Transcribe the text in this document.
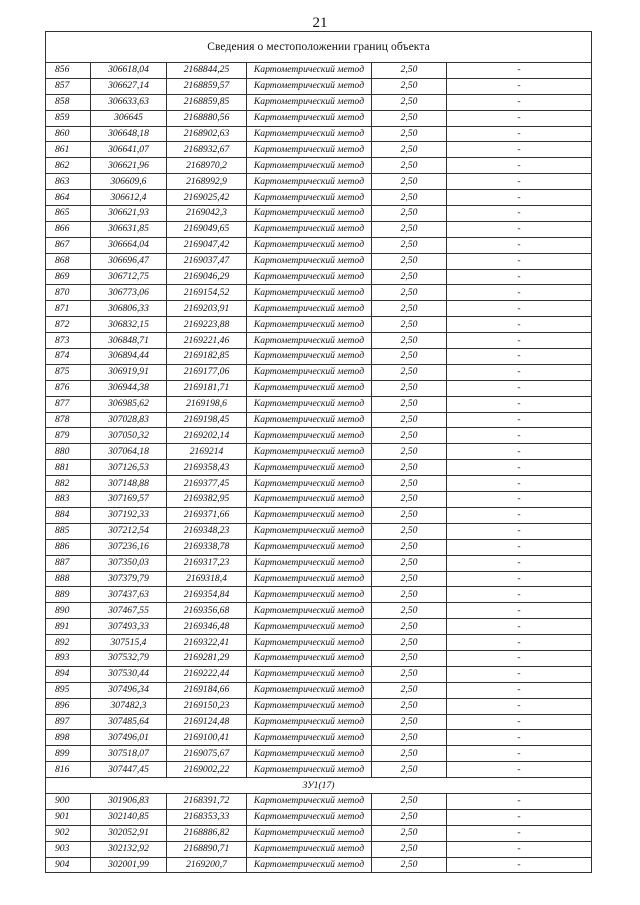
21
Сведения о местоположении границ объекта					
856	306618,04	2168844,25	Картометрический метод	2,50	-
857	306627,14	2168859,57	Картометрический метод	2,50	-
858	306633,63	2168859,85	Картометрический метод	2,50	-
859	306645	2168880,56	Картометрический метод	2,50	-
860	306648,18	2168902,63	Картометрический метод	2,50	-
861	306641,07	2168932,67	Картометрический метод	2,50	-
862	306621,96	2168970,2	Картометрический метод	2,50	-
863	306609,6	2168992,9	Картометрический метод	2,50	-
864	306612,4	2169025,42	Картометрический метод	2,50	-
865	306621,93	2169042,3	Картометрический метод	2,50	-
866	306631,85	2169049,65	Картометрический метод	2,50	-
867	306664,04	2169047,42	Картометрический метод	2,50	-
868	306696,47	2169037,47	Картометрический метод	2,50	-
869	306712,75	2169046,29	Картометрический метод	2,50	-
870	306773,06	2169154,52	Картометрический метод	2,50	-
871	306806,33	2169203,91	Картометрический метод	2,50	-
872	306832,15	2169223,88	Картометрический метод	2,50	-
873	306848,71	2169221,46	Картометрический метод	2,50	-
874	306894,44	2169182,85	Картометрический метод	2,50	-
875	306919,91	2169177,06	Картометрический метод	2,50	-
876	306944,38	2169181,71	Картометрический метод	2,50	-
877	306985,62	2169198,6	Картометрический метод	2,50	-
878	307028,83	2169198,45	Картометрический метод	2,50	-
879	307050,32	2169202,14	Картометрический метод	2,50	-
880	307064,18	2169214	Картометрический метод	2,50	-
881	307126,53	2169358,43	Картометрический метод	2,50	-
882	307148,88	2169377,45	Картометрический метод	2,50	-
883	307169,57	2169382,95	Картометрический метод	2,50	-
884	307192,33	2169371,66	Картометрический метод	2,50	-
885	307212,54	2169348,23	Картометрический метод	2,50	-
886	307236,16	2169338,78	Картометрический метод	2,50	-
887	307350,03	2169317,23	Картометрический метод	2,50	-
888	307379,79	2169318,4	Картометрический метод	2,50	-
889	307437,63	2169354,84	Картометрический метод	2,50	-
890	307467,55	2169356,68	Картометрический метод	2,50	-
891	307493,33	2169346,48	Картометрический метод	2,50	-
892	307515,4	2169322,41	Картометрический метод	2,50	-
893	307532,79	2169281,29	Картометрический метод	2,50	-
894	307530,44	2169222,44	Картометрический метод	2,50	-
895	307496,34	2169184,66	Картометрический метод	2,50	-
896	307482,3	2169150,23	Картометрический метод	2,50	-
897	307485,64	2169124,48	Картометрический метод	2,50	-
898	307496,01	2169100,41	Картометрический метод	2,50	-
899	307518,07	2169075,67	Картометрический метод	2,50	-
816	307447,45	2169002,22	Картометрический метод	2,50	-
ЗУ1(17)					
900	301906,83	2168391,72	Картометрический метод	2,50	-
901	302140,85	2168353,33	Картометрический метод	2,50	-
902	302052,91	2168886,82	Картометрический метод	2,50	-
903	302132,92	2168890,71	Картометрический метод	2,50	-
904	302001,99	2169200,7	Картометрический метод	2,50	-
